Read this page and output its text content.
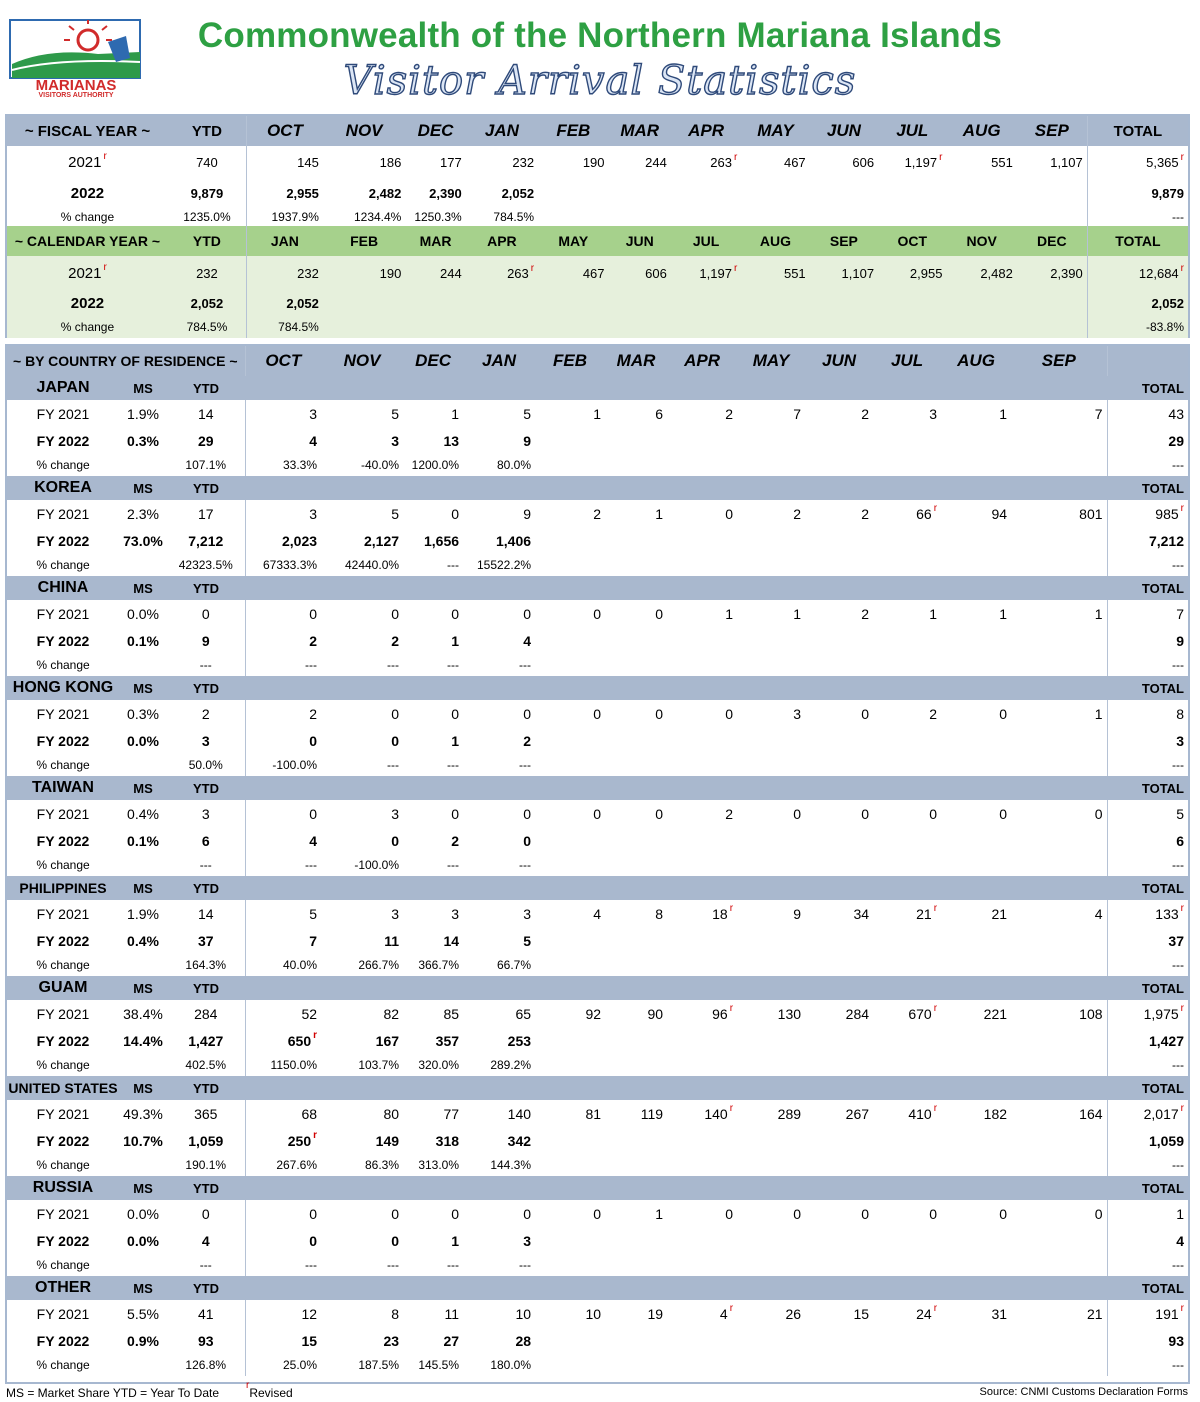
MARIANAS
VISITORS AUTHORITY
Commonwealth of the Northern Mariana Islands
Visitor Arrival Statistics
~ FISCAL YEAR ~	YTD	OCT	NOV	DEC	JAN	FEB	MAR	APR	MAY	JUN	JUL	AUG	SEP	TOTAL
2021 $^r$	740	145	186	177	232	190	244	263 $^r$	467	606	1,197 $^r$	551	1,107	5,365 $^r$
2022	9,879	2,955	2,482	2,390	2,052									9,879
% change	1235.0%	1937.9%	1234.4%	1250.3%	784.5%									---
~ CALENDAR YEAR ~	YTD	JAN	FEB	MAR	APR	MAY	JUN	JUL	AUG	SEP	OCT	NOV	DEC	TOTAL
2021 $^r$	232	232	190	244	263 $^r$	467	606	1,197 $^r$	551	1,107	2,955	2,482	2,390	12,684 $^r$
2022	2,052	2,052												2,052
% change	784.5%	784.5%												-83.8%
~ BY COUNTRY OF RESIDENCE ~			OCT	NOV	DEC	JAN	FEB	MAR	APR	MAY	JUN	JUL	AUG	SEP	
JAPAN	MS	YTD													TOTAL
FY 2021	1.9%	14	3	5	1	5	1	6	2	7	2	3	1	7	43
FY 2022	0.3%	29	4	3	13	9									29
% change		107.1%	33.3%	-40.0%	1200.0%	80.0%									---
KOREA	MS	YTD													TOTAL
FY 2021	2.3%	17	3	5	0	9	2	1	0	2	2	66 $^r$	94	801	985 $^r$
FY 2022	73.0%	7,212	2,023	2,127	1,656	1,406									7,212
% change		42323.5%	67333.3%	42440.0%	---	15522.2%									---
CHINA	MS	YTD													TOTAL
FY 2021	0.0%	0	0	0	0	0	0	0	1	1	2	1	1	1	7
FY 2022	0.1%	9	2	2	1	4									9
% change		---	---	---	---	---									---
HONG KONG	MS	YTD													TOTAL
FY 2021	0.3%	2	2	0	0	0	0	0	0	3	0	2	0	1	8
FY 2022	0.0%	3	0	0	1	2									3
% change		50.0%	-100.0%	---	---	---									---
TAIWAN	MS	YTD													TOTAL
FY 2021	0.4%	3	0	3	0	0	0	0	2	0	0	0	0	0	5
FY 2022	0.1%	6	4	0	2	0									6
% change		---	---	-100.0%	---	---									---
PHILIPPINES	MS	YTD													TOTAL
FY 2021	1.9%	14	5	3	3	3	4	8	18 $^r$	9	34	21 $^r$	21	4	133 $^r$
FY 2022	0.4%	37	7	11	14	5									37
% change		164.3%	40.0%	266.7%	366.7%	66.7%									---
GUAM	MS	YTD													TOTAL
FY 2021	38.4%	284	52	82	85	65	92	90	96 $^r$	130	284	670 $^r$	221	108	1,975 $^r$
FY 2022	14.4%	1,427	650 $^r$	167	357	253									1,427
% change		402.5%	1150.0%	103.7%	320.0%	289.2%									---
UNITED STATES	MS	YTD													TOTAL
FY 2021	49.3%	365	68	80	77	140	81	119	140 $^r$	289	267	410 $^r$	182	164	2,017 $^r$
FY 2022	10.7%	1,059	250 $^r$	149	318	342									1,059
% change		190.1%	267.6%	86.3%	313.0%	144.3%									---
RUSSIA	MS	YTD													TOTAL
FY 2021	0.0%	0	0	0	0	0	0	1	0	0	0	0	0	0	1
FY 2022	0.0%	4	0	0	1	3									4
% change		---	---	---	---	---									---
OTHER	MS	YTD													TOTAL
FY 2021	5.5%	41	12	8	11	10	10	19	4 $^r$	26	15	24 $^r$	31	21	191 $^r$
FY 2022	0.9%	93	15	23	27	28									93
% change		126.8%	25.0%	187.5%	145.5%	180.0%									---
MS = Market Share YTD = Year To Date
$^r$Revised	Source: CNMI Customs Declaration Forms
